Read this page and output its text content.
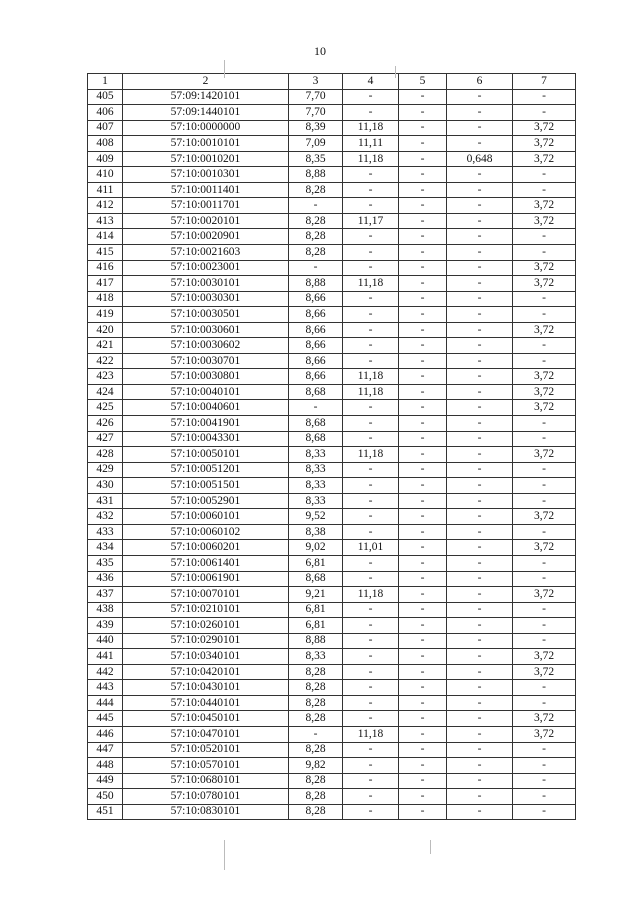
10
1	2	3	4	5	6	7
405	57:09:1420101	7,70	-	-	-	-
406	57:09:1440101	7,70	-	-	-	-
407	57:10:0000000	8,39	11,18	-	-	3,72
408	57:10:0010101	7,09	11,11	-	-	3,72
409	57:10:0010201	8,35	11,18	-	0,648	3,72
410	57:10:0010301	8,88	-	-	-	-
411	57:10:0011401	8,28	-	-	-	-
412	57:10:0011701	-	-	-	-	3,72
413	57:10:0020101	8,28	11,17	-	-	3,72
414	57:10:0020901	8,28	-	-	-	-
415	57:10:0021603	8,28	-	-	-	-
416	57:10:0023001	-	-	-	-	3,72
417	57:10:0030101	8,88	11,18	-	-	3,72
418	57:10:0030301	8,66	-	-	-	-
419	57:10:0030501	8,66	-	-	-	-
420	57:10:0030601	8,66	-	-	-	3,72
421	57:10:0030602	8,66	-	-	-	-
422	57:10:0030701	8,66	-	-	-	-
423	57:10:0030801	8,66	11,18	-	-	3,72
424	57:10:0040101	8,68	11,18	-	-	3,72
425	57:10:0040601	-	-	-	-	3,72
426	57:10:0041901	8,68	-	-	-	-
427	57:10:0043301	8,68	-	-	-	-
428	57:10:0050101	8,33	11,18	-	-	3,72
429	57:10:0051201	8,33	-	-	-	-
430	57:10:0051501	8,33	-	-	-	-
431	57:10:0052901	8,33	-	-	-	-
432	57:10:0060101	9,52	-	-	-	3,72
433	57:10:0060102	8,38	-	-	-	-
434	57:10:0060201	9,02	11,01	-	-	3,72
435	57:10:0061401	6,81	-	-	-	-
436	57:10:0061901	8,68	-	-	-	-
437	57:10:0070101	9,21	11,18	-	-	3,72
438	57:10:0210101	6,81	-	-	-	-
439	57:10:0260101	6,81	-	-	-	-
440	57:10:0290101	8,88	-	-	-	-
441	57:10:0340101	8,33	-	-	-	3,72
442	57:10:0420101	8,28	-	-	-	3,72
443	57:10:0430101	8,28	-	-	-	-
444	57:10:0440101	8,28	-	-	-	-
445	57:10:0450101	8,28	-	-	-	3,72
446	57:10:0470101	-	11,18	-	-	3,72
447	57:10:0520101	8,28	-	-	-	-
448	57:10:0570101	9,82	-	-	-	-
449	57:10:0680101	8,28	-	-	-	-
450	57:10:0780101	8,28	-	-	-	-
451	57:10:0830101	8,28	-	-	-	-
